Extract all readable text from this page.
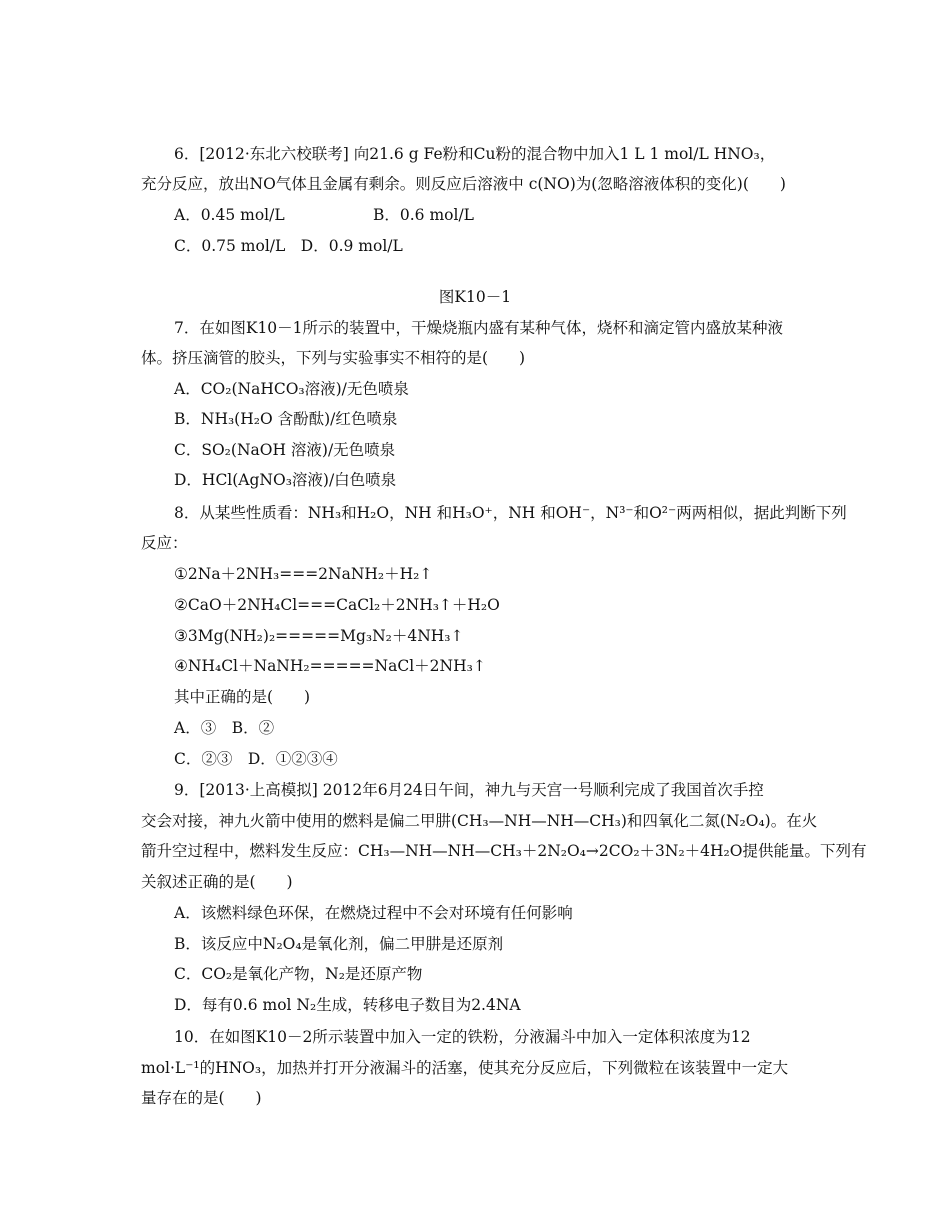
6．[2012·东北六校联考] 向21.6 g Fe粉和Cu粉的混合物中加入1 L 1 mol/L HNO₃，
充分反应，放出NO气体且金属有剩余。则反应后溶液中 c(NO)为(忽略溶液体积的变化)(　　)
A．0.45 mol/L	B．0.6 mol/L
C．0.75 mol/L　D．0.9 mol/L
图K10－1
7．在如图K10－1所示的装置中，干燥烧瓶内盛有某种气体，烧杯和滴定管内盛放某种液
体。挤压滴管的胶头，下列与实验事实不相符的是(　　)
A．CO₂(NaHCO₃溶液)/无色喷泉
B．NH₃(H₂O 含酚酞)/红色喷泉
C．SO₂(NaOH 溶液)/无色喷泉
D．HCl(AgNO₃溶液)/白色喷泉
8．从某些性质看：NH₃和H₂O，NH 和H₃O⁺，NH 和OH⁻，N³⁻和O²⁻两两相似，据此判断下列
反应：
①2Na＋2NH₃===2NaNH₂＋H₂↑
②CaO＋2NH₄Cl===CaCl₂＋2NH₃↑＋H₂O
③3Mg(NH₂)₂=====Mg₃N₂＋4NH₃↑
④NH₄Cl＋NaNH₂=====NaCl＋2NH₃↑
其中正确的是(　　)
A．③　B．②
C．②③　D．①②③④
9．[2013·上高模拟] 2012年6月24日午间，神九与天宫一号顺利完成了我国首次手控
交会对接，神九火箭中使用的燃料是偏二甲肼(CH₃—NH—NH—CH₃)和四氧化二氮(N₂O₄)。在火
箭升空过程中，燃料发生反应：CH₃—NH—NH—CH₃＋2N₂O₄→2CO₂＋3N₂＋4H₂O提供能量。下列有
关叙述正确的是(　　)
A．该燃料绿色环保，在燃烧过程中不会对环境有任何影响
B．该反应中N₂O₄是氧化剂，偏二甲肼是还原剂
C．CO₂是氧化产物，N₂是还原产物
D．每有0.6 mol N₂生成，转移电子数目为2.4NA
10．在如图K10－2所示装置中加入一定的铁粉，分液漏斗中加入一定体积浓度为12
mol·L⁻¹的HNO₃，加热并打开分液漏斗的活塞，使其充分反应后，下列微粒在该装置中一定大
量存在的是(　　)
